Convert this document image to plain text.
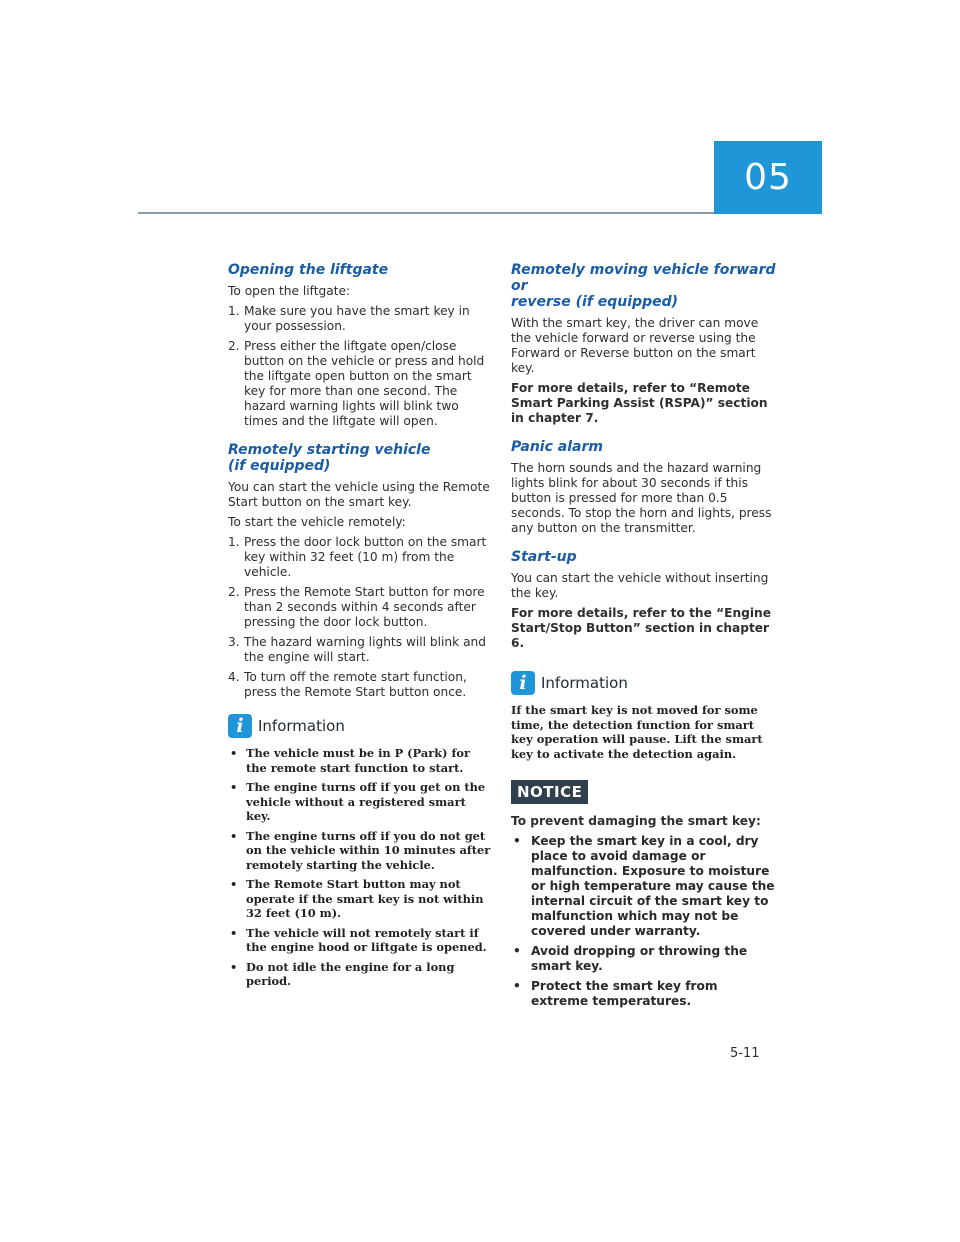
05
Opening the liftgate

To open the liftgate:

1. Make sure you have the smart key in your possession.
2. Press either the liftgate open/close button on the vehicle or press and hold the liftgate open button on the smart key for more than one second. The hazard warning lights will blink two times and the liftgate will open.
Remotely starting vehicle
(if equipped)

You can start the vehicle using the Remote Start button on the smart key.

To start the vehicle remotely:

1. Press the door lock button on the smart key within 32 feet (10 m) from the vehicle.
2. Press the Remote Start button for more than 2 seconds within 4 seconds after pressing the door lock button.
3. The hazard warning lights will blink and the engine will start.
4. To turn off the remote start function, press the Remote Start button once.
i Information
• The vehicle must be in P (Park) for the remote start function to start.
• The engine turns off if you get on the vehicle without a registered smart key.
• The engine turns off if you do not get on the vehicle within 10 minutes after remotely starting the vehicle.
• The Remote Start button may not operate if the smart key is not within 32 feet (10 m).
• The vehicle will not remotely start if the engine hood or liftgate is opened.
• Do not idle the engine for a long period.
Remotely moving vehicle forward or
reverse (if equipped)

With the smart key, the driver can move the vehicle forward or reverse using the Forward or Reverse button on the smart key.

For more details, refer to “Remote Smart Parking Assist (RSPA)” section in chapter 7.

Panic alarm

The horn sounds and the hazard warning lights blink for about 30 seconds if this button is pressed for more than 0.5 seconds. To stop the horn and lights, press any button on the transmitter.

Start-up

You can start the vehicle without inserting the key.

For more details, refer to the “Engine Start/Stop Button” section in chapter 6.

i Information

If the smart key is not moved for some time, the detection function for smart key operation will pause. Lift the smart key to activate the detection again.

NOTICE

To prevent damaging the smart key:

• Keep the smart key in a cool, dry place to avoid damage or malfunction. Exposure to moisture or high temperature may cause the internal circuit of the smart key to malfunction which may not be covered under warranty.
• Avoid dropping or throwing the smart key.
• Protect the smart key from extreme temperatures.
5-11
